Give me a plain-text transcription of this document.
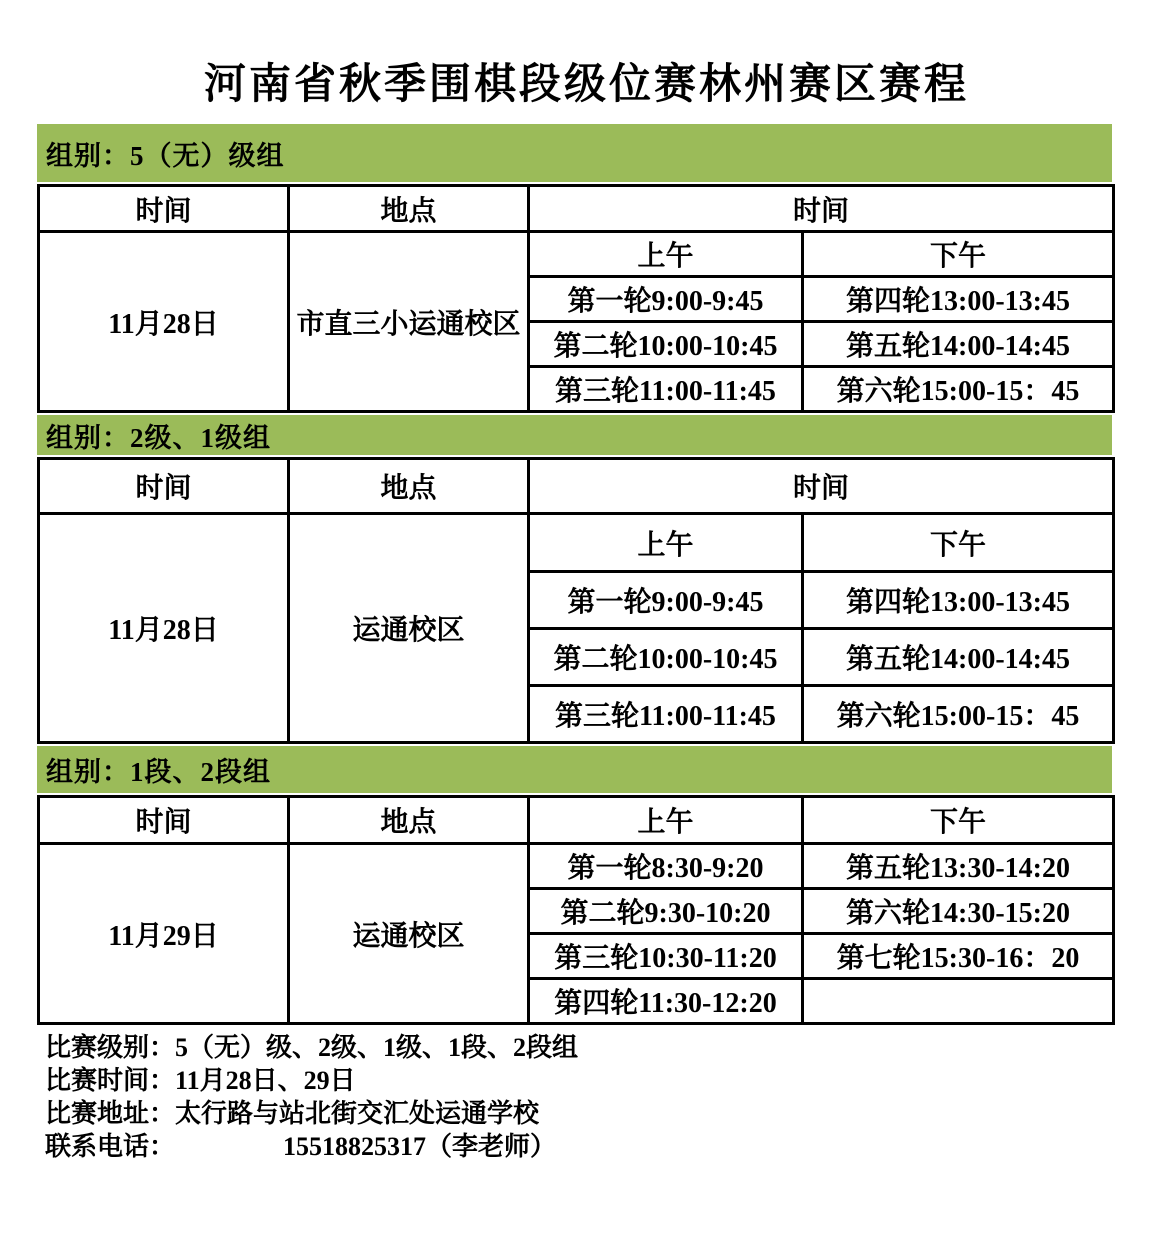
河南省秋季围棋段级位赛林州赛区赛程
组别：5（无）级组
时间	地点	时间	
11月28日	市直三小运通校区	上午	下午
		第一轮9:00-9:45	第四轮13:00-13:45
		第二轮10:00-10:45	第五轮14:00-14:45
		第三轮11:00-11:45	第六轮15:00-15：45
组别：2级、1级组
时间	地点	时间	
11月28日	运通校区	上午	下午
		第一轮9:00-9:45	第四轮13:00-13:45
		第二轮10:00-10:45	第五轮14:00-14:45
		第三轮11:00-11:45	第六轮15:00-15：45
组别：1段、2段组
时间	地点	上午	下午
11月29日	运通校区	第一轮8:30-9:20	第五轮13:30-14:20
		第二轮9:30-10:20	第六轮14:30-15:20
		第三轮10:30-11:20	第七轮15:30-16：20
		第四轮11:30-12:20	
比赛级别：5（无）级、2级、1级、1段、2段组
比赛时间：11月28日、29日
比赛地址：太行路与站北街交汇处运通学校
联系电话：	15518825317（李老师）
